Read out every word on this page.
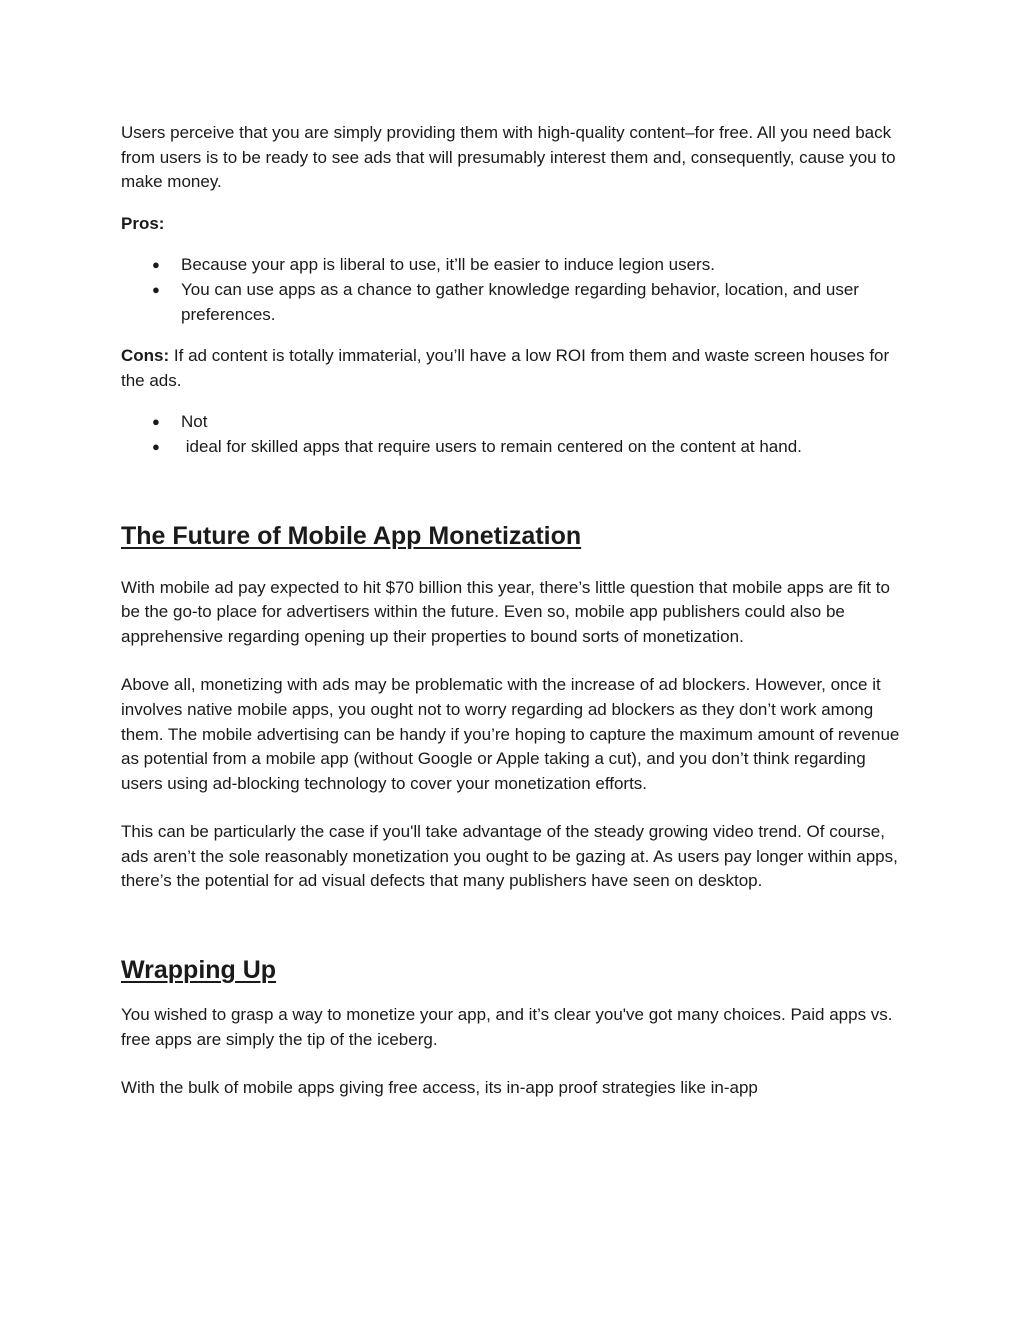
Users perceive that you are simply providing them with high-quality content–for free. All you need back from users is to be ready to see ads that will presumably interest them and, consequently, cause you to make money.

Pros:

● Because your app is liberal to use, it’ll be easier to induce legion users.
● You can use apps as a chance to gather knowledge regarding behavior, location, and user preferences.

Cons: If ad content is totally immaterial, you’ll have a low ROI from them and waste screen houses for the ads.

● Not
● ideal for skilled apps that require users to remain centered on the content at hand.
The Future of Mobile App Monetization

With mobile ad pay expected to hit $70 billion this year, there’s little question that mobile apps are fit to be the go-to place for advertisers within the future. Even so, mobile app publishers could also be apprehensive regarding opening up their properties to bound sorts of monetization.

Above all, monetizing with ads may be problematic with the increase of ad blockers. However, once it involves native mobile apps, you ought not to worry regarding ad blockers as they don’t work among them. The mobile advertising can be handy if you’re hoping to capture the maximum amount of revenue as potential from a mobile app (without Google or Apple taking a cut), and you don’t think regarding users using ad-blocking technology to cover your monetization efforts.

This can be particularly the case if you'll take advantage of the steady growing video trend. Of course, ads aren’t the sole reasonably monetization you ought to be gazing at. As users pay longer within apps, there’s the potential for ad visual defects that many publishers have seen on desktop.

Wrapping Up

You wished to grasp a way to monetize your app, and it’s clear you've got many choices. Paid apps vs. free apps are simply the tip of the iceberg.

With the bulk of mobile apps giving free access, its in-app proof strategies like in-app
